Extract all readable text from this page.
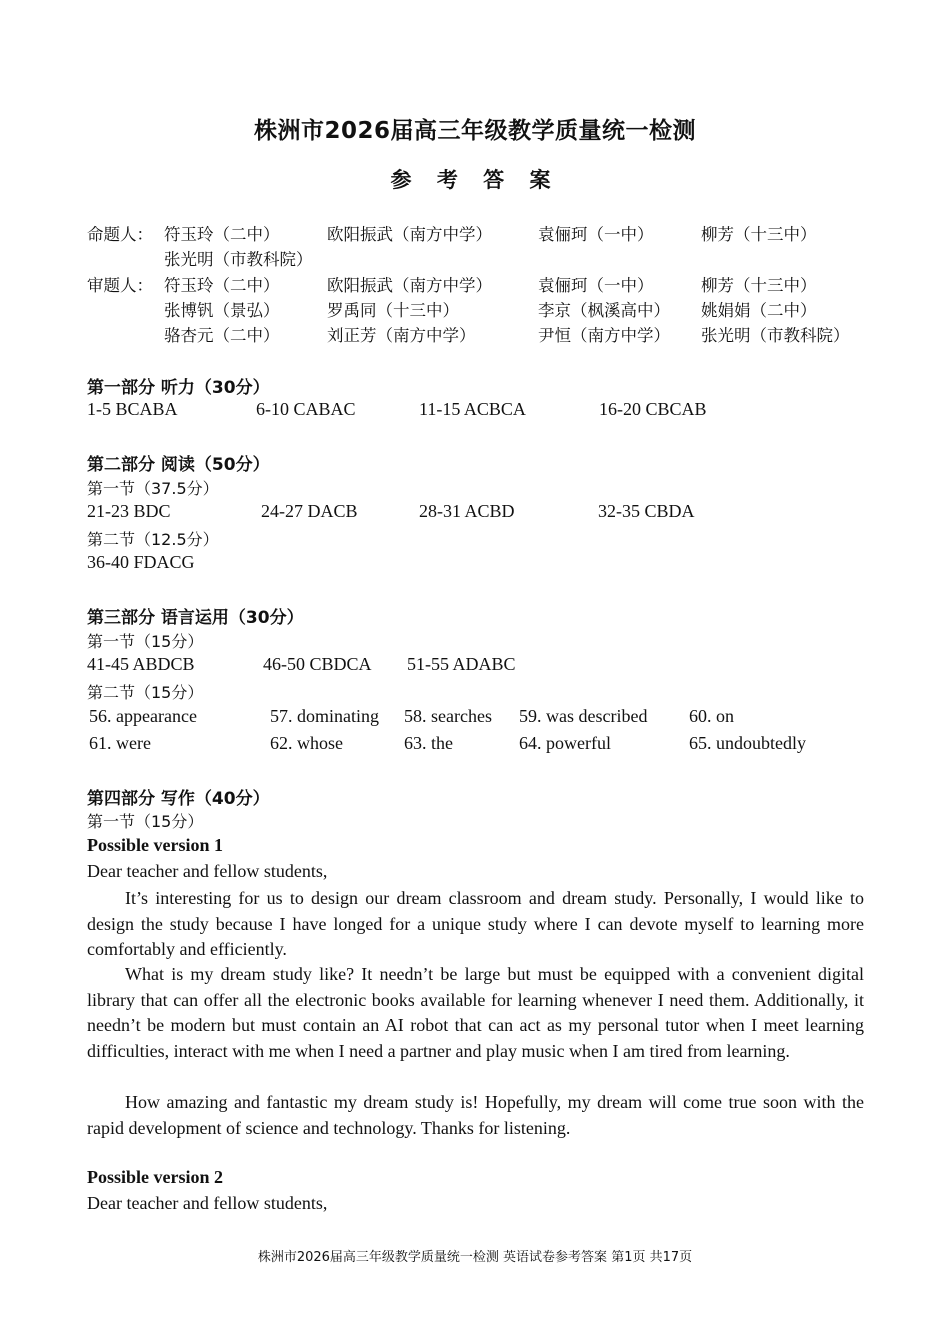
株洲市2026届高三年级教学质量统一检测
参 考 答 案
命题人： 符玉玲（二中）	欧阳振武（南方中学）	袁俪珂（一中）	柳芳（十三中）
张光明（市教科院）
审题人： 符玉玲（二中）	欧阳振武（南方中学）	袁俪珂（一中）	柳芳（十三中）
张博钒（景弘）	罗禹同（十三中）	李京（枫溪高中） 姚娟娟（二中）
骆杏元（二中）	刘正芳（南方中学）	尹恒（南方中学） 张光明（市教科院）
第一部分 听力（30分）
1-5 BCABA	6-10 CABAC	11-15 ACBCA	16-20 CBCAB
第二部分 阅读（50分）
第一节（37.5分）
21-23 BDC	24-27 DACB	28-31 ACBD	32-35 CBDA
第二节（12.5分）
36-40 FDACG
第三部分 语言运用（30分）
第一节（15分）
41-45 ABDCB	46-50 CBDCA 51-55 ADABC
第二节（15分）
56. appearance	57. dominating 58. searches 59. was described 60. on
61. were	62. whose	63. the	64. powerful	65. undoubtedly
第四部分 写作（40分）
第一节（15分）
Possible version 1
Dear teacher and fellow students,
It’s interesting for us to design our dream classroom and dream study. Personally, I would like to design the study because I have longed for a unique study where I can devote myself to learning more comfortably and efficiently.
What is my dream study like? It needn’t be large but must be equipped with a convenient digital library that can offer all the electronic books available for learning whenever I need them. Additionally, it needn’t be modern but must contain an AI robot that can act as my personal tutor when I meet learning difficulties, interact with me when I need a partner and play music when I am tired from learning.
How amazing and fantastic my dream study is! Hopefully, my dream will come true soon with the rapid development of science and technology. Thanks for listening.
Possible version 2
Dear teacher and fellow students,
株洲市2026届高三年级教学质量统一检测 英语试卷参考答案 第1页 共17页
